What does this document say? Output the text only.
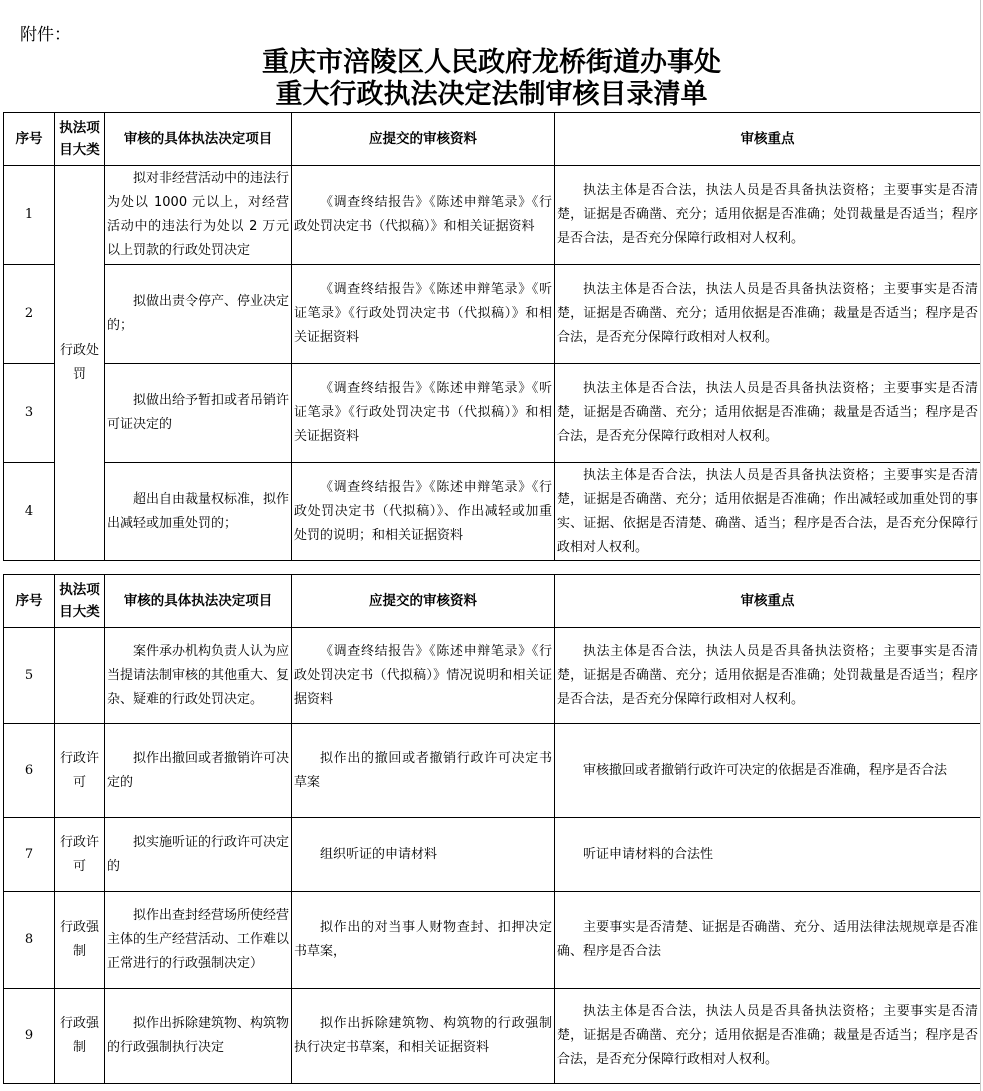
附件：
重庆市涪陵区人民政府龙桥街道办事处
重大行政执法决定法制审核目录清单
序号	执法项目大类	审核的具体执法决定项目	应提交的审核资料	审核重点
1	行政处罚	拟对非经营活动中的违法行为处以 1000 元以上，对经营活动中的违法行为处以 2 万元以上罚款的行政处罚决定	《调查终结报告》《陈述申辩笔录》《行政处罚决定书（代拟稿）》和相关证据资料	执法主体是否合法，执法人员是否具备执法资格；主要事实是否清楚，证据是否确凿、充分；适用依据是否准确；处罚裁量是否适当；程序是否合法，是否充分保障行政相对人权利。
2		拟做出责令停产、停业决定的；	《调查终结报告》《陈述申辩笔录》《听证笔录》《行政处罚决定书（代拟稿）》和相关证据资料	执法主体是否合法，执法人员是否具备执法资格；主要事实是否清楚，证据是否确凿、充分；适用依据是否准确；裁量是否适当；程序是否合法，是否充分保障行政相对人权利。
3		拟做出给予暂扣或者吊销许可证决定的	《调查终结报告》《陈述申辩笔录》《听证笔录》《行政处罚决定书（代拟稿）》和相关证据资料	执法主体是否合法，执法人员是否具备执法资格；主要事实是否清楚，证据是否确凿、充分；适用依据是否准确；裁量是否适当；程序是否合法，是否充分保障行政相对人权利。
4		超出自由裁量权标准，拟作出减轻或加重处罚的；	《调查终结报告》《陈述申辩笔录》《行政处罚决定书（代拟稿）》、作出减轻或加重处罚的说明；和相关证据资料	执法主体是否合法，执法人员是否具备执法资格；主要事实是否清楚，证据是否确凿、充分；适用依据是否准确；作出减轻或加重处罚的事实、证据、依据是否清楚、确凿、适当；程序是否合法，是否充分保障行政相对人权利。
序号	执法项目大类	审核的具体执法决定项目	应提交的审核资料	审核重点
5		案件承办机构负责人认为应当提请法制审核的其他重大、复杂、疑难的行政处罚决定。	《调查终结报告》《陈述申辩笔录》《行政处罚决定书（代拟稿）》情况说明和相关证据资料	执法主体是否合法，执法人员是否具备执法资格；主要事实是否清楚，证据是否确凿、充分；适用依据是否准确；处罚裁量是否适当；程序是否合法，是否充分保障行政相对人权利。
6	行政许可	拟作出撤回或者撤销许可决定的	拟作出的撤回或者撤销行政许可决定书草案	审核撤回或者撤销行政许可决定的依据是否准确，程序是否合法
7	行政许可	拟实施听证的行政许可决定的	组织听证的申请材料	听证申请材料的合法性
8	行政强制	拟作出查封经营场所使经营主体的生产经营活动、工作难以正常进行的行政强制决定）	拟作出的对当事人财物查封、扣押决定书草案，	主要事实是否清楚、证据是否确凿、充分、适用法律法规规章是否准确、程序是否合法
9	行政强制	拟作出拆除建筑物、构筑物的行政强制执行决定	拟作出拆除建筑物、构筑物的行政强制执行决定书草案，和相关证据资料	执法主体是否合法，执法人员是否具备执法资格；主要事实是否清楚，证据是否确凿、充分；适用依据是否准确；裁量是否适当；程序是否合法，是否充分保障行政相对人权利。
